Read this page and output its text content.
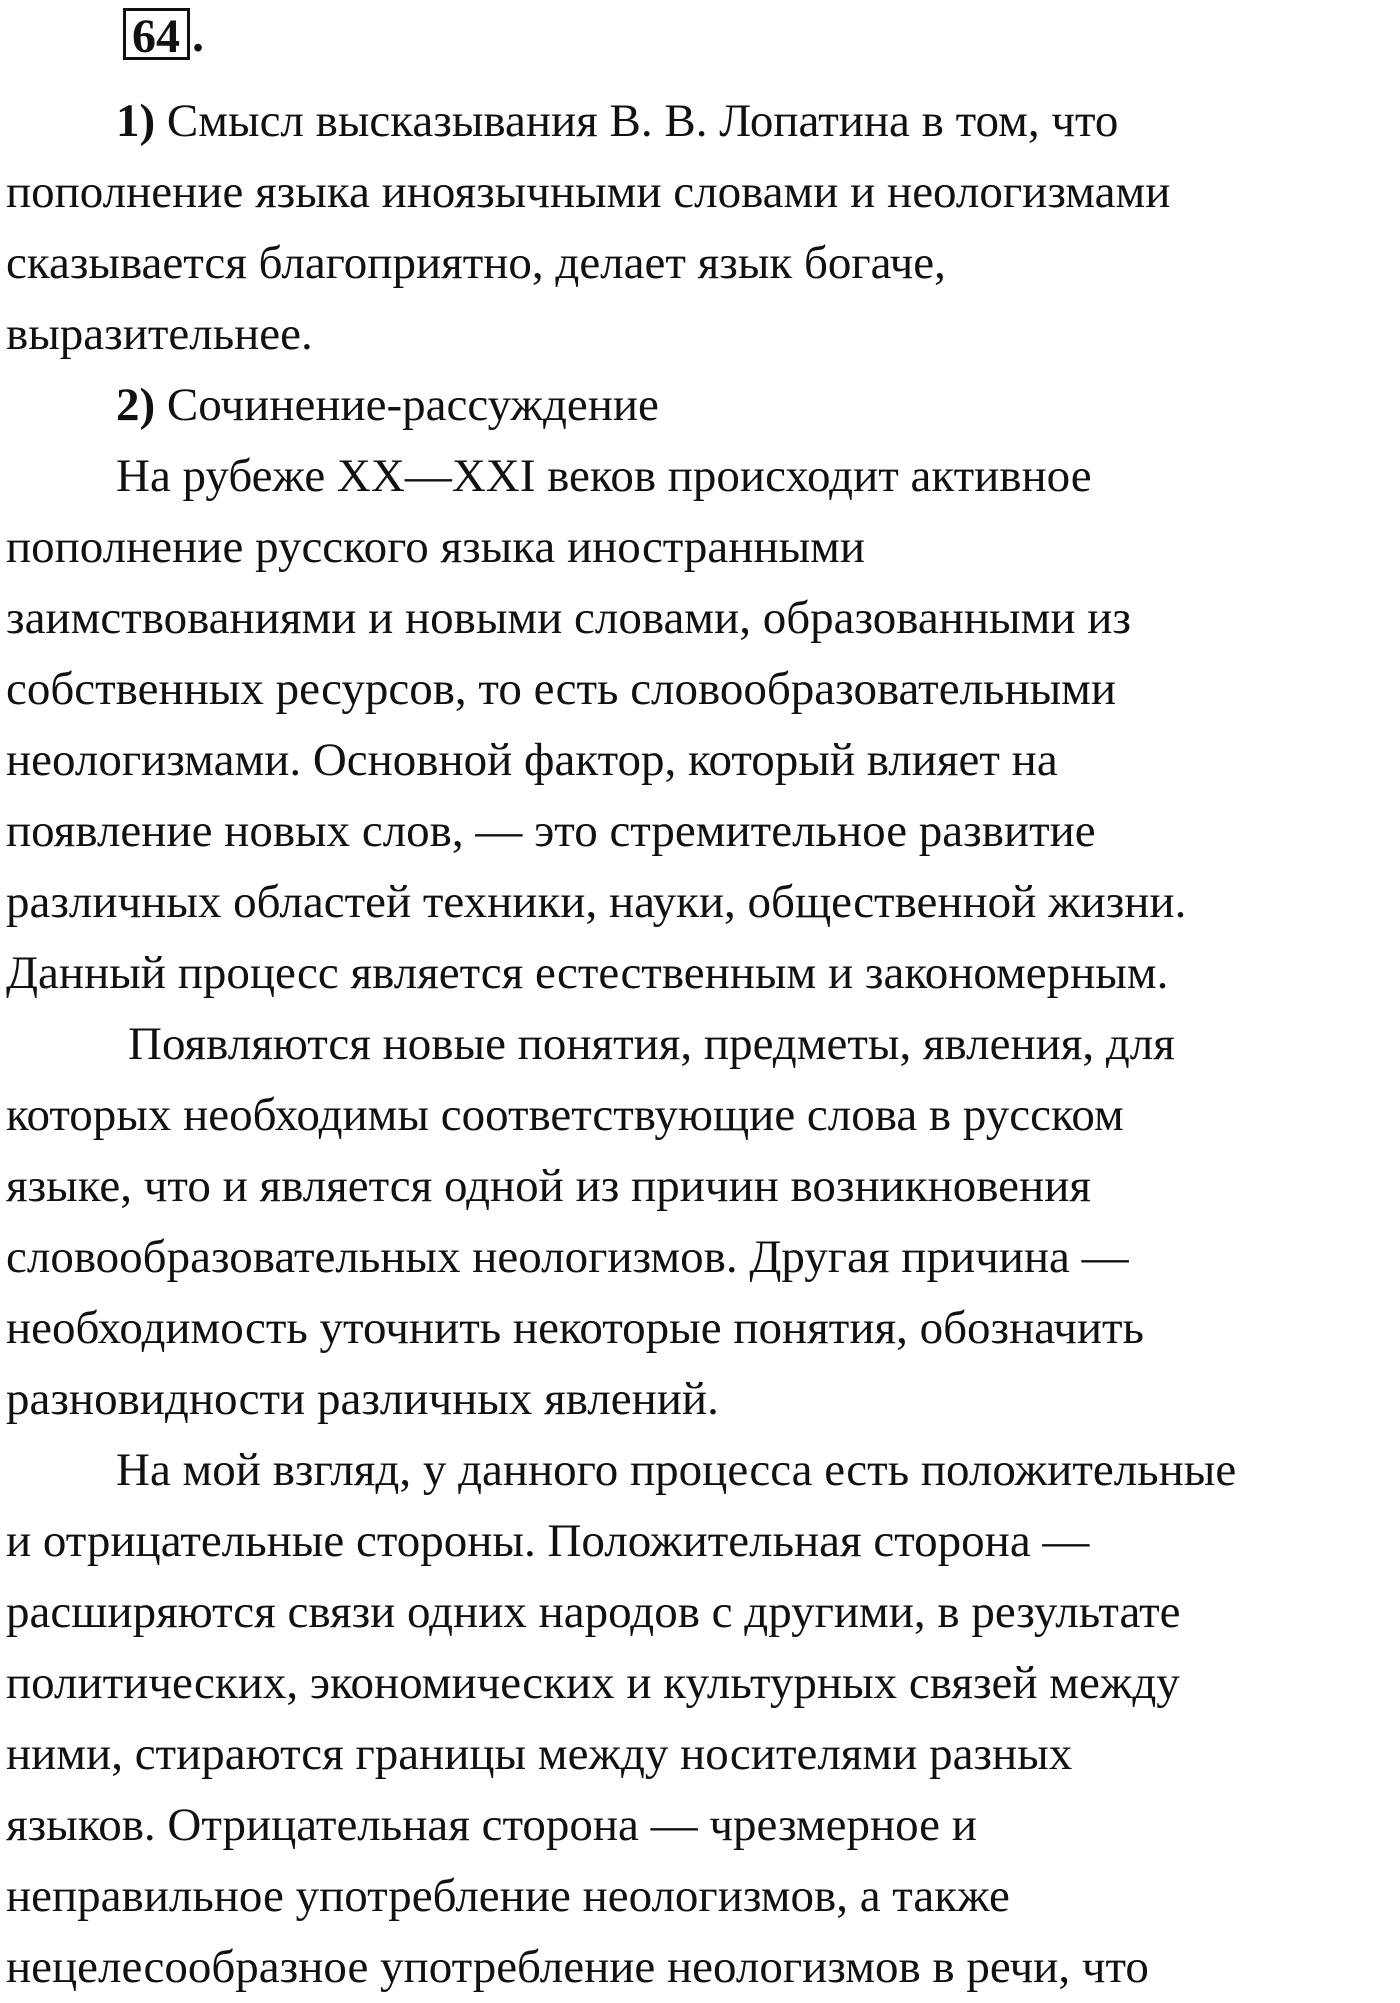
64 .
1) Смысл высказывания В. В. Лопатина в том, что
пополнение языка иноязычными словами и неологизмами
сказывается благоприятно, делает язык богаче,
выразительнее.
2) Сочинение-рассуждение
На рубеже XX—XXI веков происходит активное
пополнение русского языка иностранными
заимствованиями и новыми словами, образованными из
собственных ресурсов, то есть словообразовательными
неологизмами. Основной фактор, который влияет на
появление новых слов, — это стремительное развитие
различных областей техники, науки, общественной жизни.
Данный процесс является естественным и закономерным.
Появляются новые понятия, предметы, явления, для
которых необходимы соответствующие слова в русском
языке, что и является одной из причин возникновения
словообразовательных неологизмов. Другая причина —
необходимость уточнить некоторые понятия, обозначить
разновидности различных явлений.
На мой взгляд, у данного процесса есть положительные
и отрицательные стороны. Положительная сторона —
расширяются связи одних народов с другими, в результате
политических, экономических и культурных связей между
ними, стираются границы между носителями разных
языков. Отрицательная сторона — чрезмерное и
неправильное употребление неологизмов, а также
нецелесообразное употребление неологизмов в речи, что
